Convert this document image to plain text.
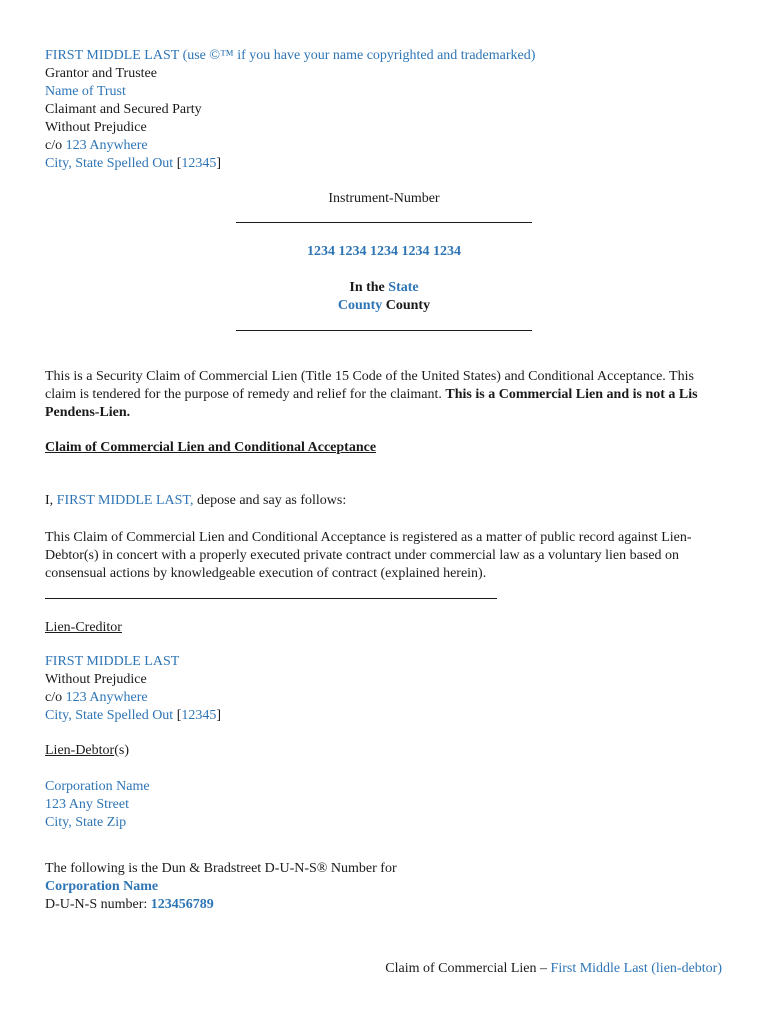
FIRST MIDDLE LAST (use ©™ if you have your name copyrighted and trademarked)
Grantor and Trustee
Name of Trust
Claimant and Secured Party
Without Prejudice
c/o 123 Anywhere
City, State Spelled Out [12345]
Instrument-Number
1234 1234 1234 1234 1234
In the State
County County
This is a Security Claim of Commercial Lien (Title 15 Code of the United States) and Conditional Acceptance. This claim is tendered for the purpose of remedy and relief for the claimant. This is a Commercial Lien and is not a Lis Pendens-Lien.
Claim of Commercial Lien and Conditional Acceptance
I, FIRST MIDDLE LAST, depose and say as follows:
This Claim of Commercial Lien and Conditional Acceptance is registered as a matter of public record against Lien-Debtor(s) in concert with a properly executed private contract under commercial law as a voluntary lien based on consensual actions by knowledgeable execution of contract (explained herein).
Lien-Creditor
FIRST MIDDLE LAST
Without Prejudice
c/o 123 Anywhere
City, State Spelled Out [12345]
Lien-Debtor(s)
Corporation Name
123 Any Street
City, State Zip
The following is the Dun & Bradstreet D-U-N-S® Number for
Corporation Name
D-U-N-S number: 123456789
Claim of Commercial Lien – First Middle Last (lien-debtor)
